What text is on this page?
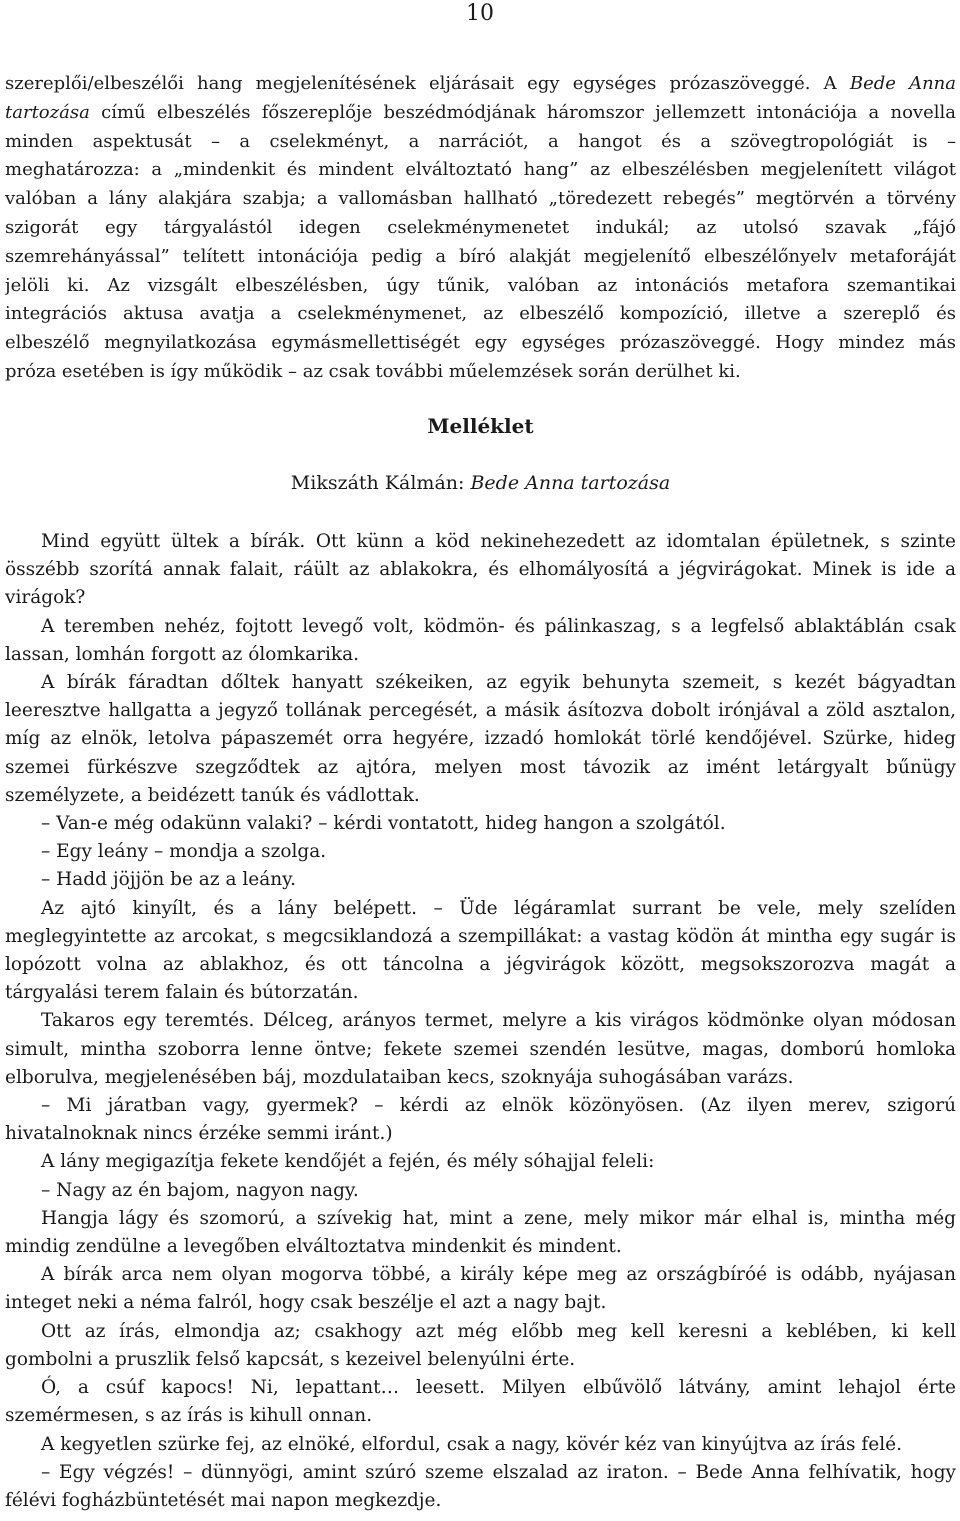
10
szereplői/elbeszélői hang megjelenítésének eljárásait egy egységes prózaszöveggé. A Bede Anna
tartozása című elbeszélés főszereplője beszédmódjának háromszor jellemzett intonációja a novella
minden aspektusát – a cselekményt, a narrációt, a hangot és a szövegtropológiát is –
meghatározza: a „mindenkit és mindent elváltoztató hang” az elbeszélésben megjelenített világot
valóban a lány alakjára szabja; a vallomásban hallható „töredezett rebegés” megtörvén a törvény
szigorát egy tárgyalástól idegen cselekménymenetet indukál; az utolsó szavak „fájó
szemrehányással” telített intonációja pedig a bíró alakját megjelenítő elbeszélőnyelv metaforáját
jelöli ki. Az vizsgált elbeszélésben, úgy tűnik, valóban az intonációs metafora szemantikai
integrációs aktusa avatja a cselekménymenet, az elbeszélő kompozíció, illetve a szereplő és
elbeszélő megnyilatkozása egymásmellettiségét egy egységes prózaszöveggé. Hogy mindez más
próza esetében is így működik – az csak további műelemzések során derülhet ki.
Melléklet

Mikszáth Kálmán: Bede Anna tartozása

Mind együtt ültek a bírák. Ott künn a köd nekinehezedett az idomtalan épületnek, s szinte
összébb szorítá annak falait, ráült az ablakokra, és elhomályosítá a jégvirágokat. Minek is ide a
virágok?
A teremben nehéz, fojtott levegő volt, ködmön- és pálinkaszag, s a legfelső ablaktáblán csak
lassan, lomhán forgott az ólomkarika.
A bírák fáradtan dőltek hanyatt székeiken, az egyik behunyta szemeit, s kezét bágyadtan
leeresztve hallgatta a jegyző tollának percegését, a másik ásítozva dobolt irónjával a zöld asztalon,
míg az elnök, letolva pápaszemét orra hegyére, izzadó homlokát törlé kendőjével. Szürke, hideg
szemei fürkészve szegződtek az ajtóra, melyen most távozik az imént letárgyalt bűnügy
személyzete, a beidézett tanúk és vádlottak.
– Van-e még odakünn valaki? – kérdi vontatott, hideg hangon a szolgától.
– Egy leány – mondja a szolga.
– Hadd jöjjön be az a leány.
Az ajtó kinyílt, és a lány belépett. – Üde légáramlat surrant be vele, mely szelíden
meglegyintette az arcokat, s megcsiklandozá a szempillákat: a vastag ködön át mintha egy sugár is
lopózott volna az ablakhoz, és ott táncolna a jégvirágok között, megsokszorozva magát a
tárgyalási terem falain és bútorzatán.
Takaros egy teremtés. Délceg, arányos termet, melyre a kis virágos ködmönke olyan módosan
simult, mintha szoborra lenne öntve; fekete szemei szendén lesütve, magas, domború homloka
elborulva, megjelenésében báj, mozdulataiban kecs, szoknyája suhogásában varázs.
– Mi járatban vagy, gyermek? – kérdi az elnök közönyösen. (Az ilyen merev, szigorú
hivatalnoknak nincs érzéke semmi iránt.)
A lány megigazítja fekete kendőjét a fején, és mély sóhajjal feleli:
– Nagy az én bajom, nagyon nagy.
Hangja lágy és szomorú, a szívekig hat, mint a zene, mely mikor már elhal is, mintha még
mindig zendülne a levegőben elváltoztatva mindenkit és mindent.
A bírák arca nem olyan mogorva többé, a király képe meg az országbíróé is odább, nyájasan
integet neki a néma falról, hogy csak beszélje el azt a nagy bajt.
Ott az írás, elmondja az; csakhogy azt még előbb meg kell keresni a keblében, ki kell
gombolni a pruszlik felső kapcsát, s kezeivel belenyúlni érte.
Ó, a csúf kapocs! Ni, lepattant… leesett. Milyen elbűvölő látvány, amint lehajol érte
szemérmesen, s az írás is kihull onnan.
A kegyetlen szürke fej, az elnöké, elfordul, csak a nagy, kövér kéz van kinyújtva az írás felé.
– Egy végzés! – dünnyögi, amint szúró szeme elszalad az iraton. – Bede Anna felhívatik, hogy
félévi fogházbüntetését mai napon megkezdje.
